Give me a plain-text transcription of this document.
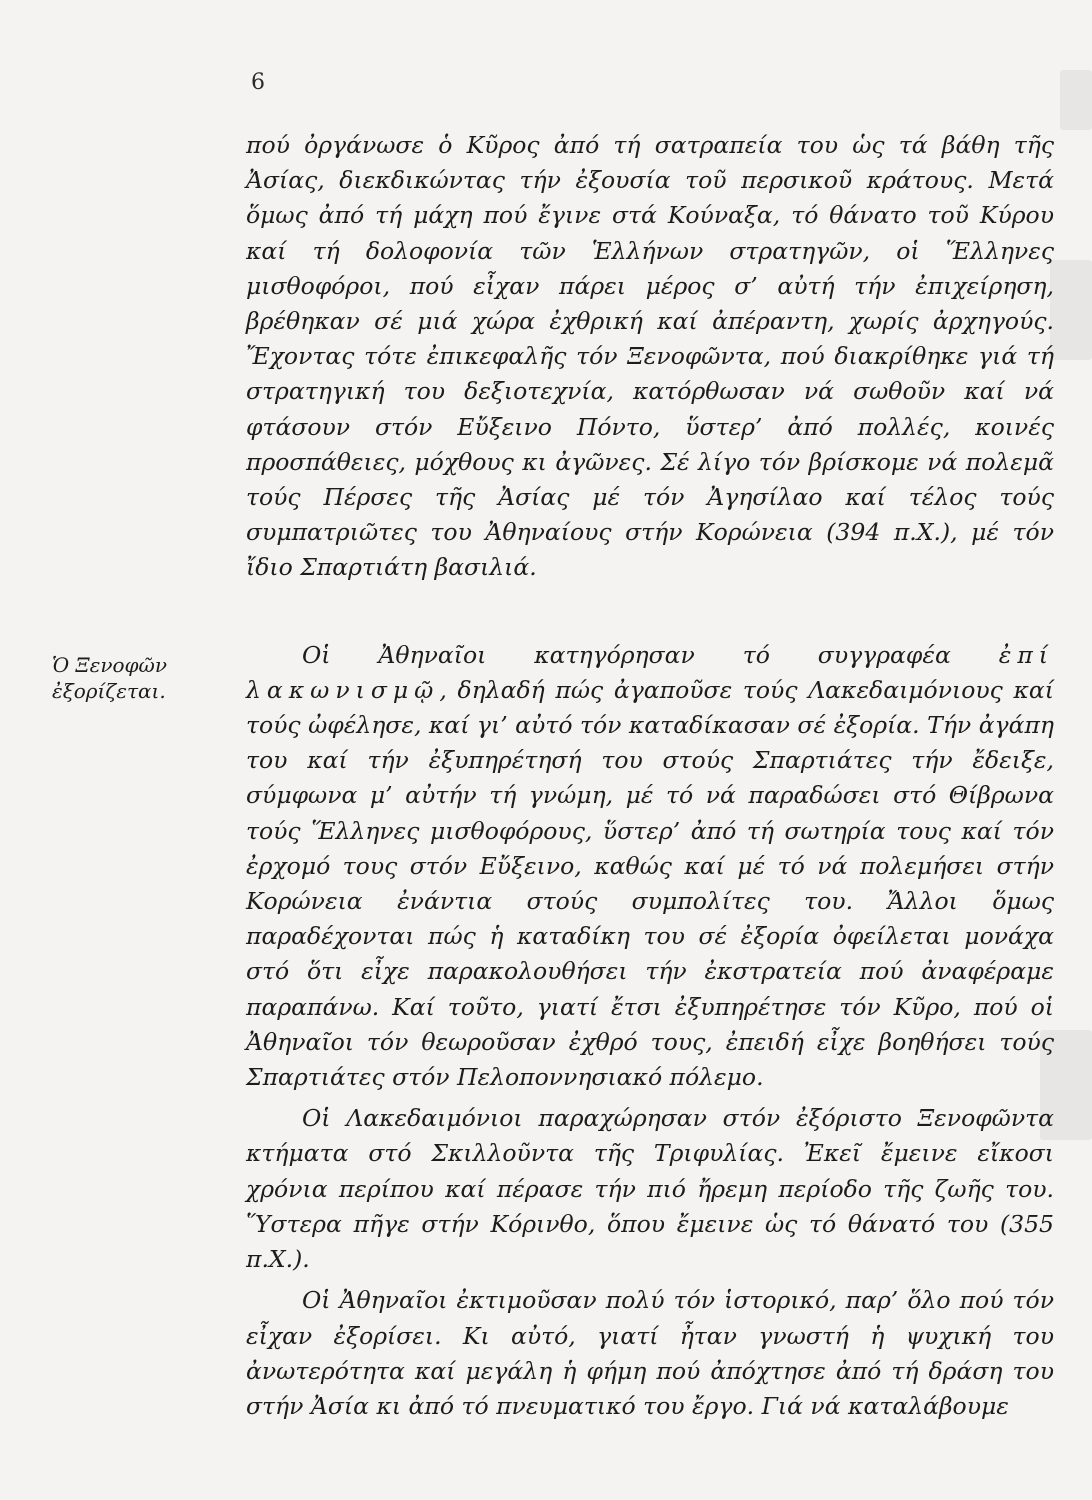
6
Ὁ Ξενοφῶν
ἐξορίζεται.

πού ὀργάνωσε ὁ Κῦρος ἀπό τή σατραπεία του ὡς τά βάθη τῆς Ἀσίας, διεκδικώντας τήν ἐξουσία τοῦ περσικοῦ κράτους. Μετά ὅμως ἀπό τή μάχη πού ἔγινε στά Κούναξα, τό θάνατο τοῦ Κύρου καί τή δολοφονία τῶν Ἑλλήνων στρατηγῶν, οἱ Ἕλληνες μισθοφόροι, πού εἶχαν πάρει μέρος σ’ αὐτή τήν ἐπιχείρηση, βρέθηκαν σέ μιά χώρα ἐχθρική καί ἀπέραντη, χωρίς ἀρχηγούς. Ἔχοντας τότε ἐπικεφαλῆς τόν Ξενοφῶντα, πού διακρίθηκε γιά τή στρατηγική του δεξιοτεχνία, κατόρθωσαν νά σωθοῦν καί νά φτάσουν στόν Εὔξεινο Πόντο, ὕστερ’ ἀπό πολλές, κοινές προσπάθειες, μόχθους κι ἀγῶνες. Σέ λίγο τόν βρίσκομε νά πολεμᾶ τούς Πέρσες τῆς Ἀσίας μέ τόν Ἀγησίλαο καί τέλος τούς συμπατριῶτες του Ἀθηναίους στήν Κορώνεια (394 π.Χ.), μέ τόν ἴδιο Σπαρτιάτη βασιλιά.

Οἱ Ἀθηναῖοι κατηγόρησαν τό συγγραφέα ἐπί λακωνισμῷ, δηλαδή πώς ἀγαποῦσε τούς Λακεδαιμόνιους καί τούς ὠφέλησε, καί γι’ αὐτό τόν καταδίκασαν σέ ἐξορία. Τήν ἀγάπη του καί τήν ἐξυπηρέτησή του στούς Σπαρτιάτες τήν ἔδειξε, σύμφωνα μ’ αὐτήν τή γνώμη, μέ τό νά παραδώσει στό Θίβρωνα τούς Ἕλληνες μισθοφόρους, ὕστερ’ ἀπό τή σωτηρία τους καί τόν ἐρχομό τους στόν Εὔξεινο, καθώς καί μέ τό νά πολεμήσει στήν Κορώνεια ἐνάντια στούς συμπολίτες του. Ἄλλοι ὅμως παραδέχονται πώς ἡ καταδίκη του σέ ἐξορία ὀφείλεται μονάχα στό ὅτι εἶχε παρακολουθήσει τήν ἐκστρατεία πού ἀναφέραμε παραπάνω. Καί τοῦτο, γιατί ἔτσι ἐξυπηρέτησε τόν Κῦρο, πού οἱ Ἀθηναῖοι τόν θεωροῦσαν ἐχθρό τους, ἐπειδή εἶχε βοηθήσει τούς Σπαρτιάτες στόν Πελοποννησιακό πόλεμο.

Οἱ Λακεδαιμόνιοι παραχώρησαν στόν ἐξόριστο Ξενοφῶντα κτήματα στό Σκιλλοῦντα τῆς Τριφυλίας. Ἐκεῖ ἔμεινε εἴκοσι χρόνια περίπου καί πέρασε τήν πιό ἤρεμη περίοδο τῆς ζωῆς του. Ὕστερα πῆγε στήν Κόρινθο, ὅπου ἔμεινε ὡς τό θάνατό του (355 π.Χ.).

Οἱ Ἀθηναῖοι ἐκτιμοῦσαν πολύ τόν ἱστορικό, παρ’ ὅλο πού τόν εἶχαν ἐξορίσει. Κι αὐτό, γιατί ἦταν γνωστή ἡ ψυχική του ἀνωτερότητα καί μεγάλη ἡ φήμη πού ἀπόχτησε ἀπό τή δράση του στήν Ἀσία κι ἀπό τό πνευματικό του ἔργο. Γιά νά καταλάβουμε
